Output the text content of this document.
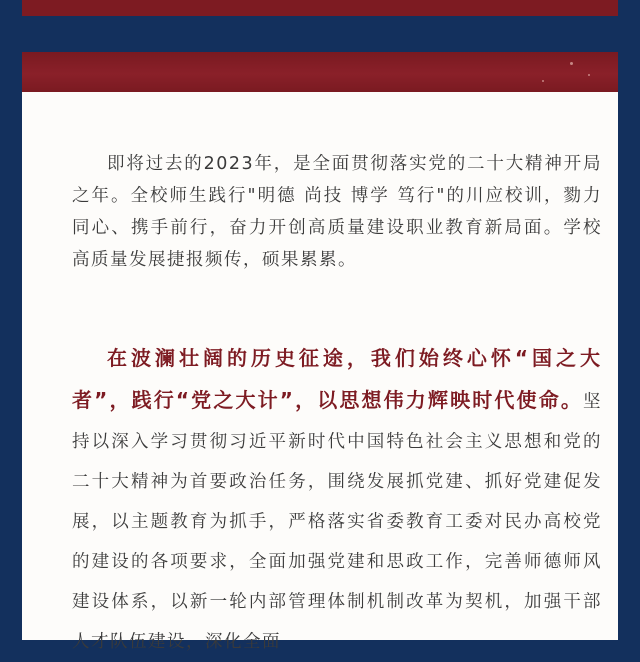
即将过去的2023年，是全面贯彻落实党的二十大精神开局之年。全校师生践行"明德 尚技 博学 笃行"的川应校训，勠力同心、携手前行，奋力开创高质量建设职业教育新局面。学校高质量发展捷报频传，硕果累累。

在波澜壮阔的历史征途，我们始终心怀“国之大者”，践行“党之大计”，以思想伟力辉映时代使命。坚持以深入学习贯彻习近平新时代中国特色社会主义思想和党的二十大精神为首要政治任务，围绕发展抓党建、抓好党建促发展，以主题教育为抓手，严格落实省委教育工委对民办高校党的建设的各项要求，全面加强党建和思政工作，完善师德师风建设体系，以新一轮内部管理体制机制改革为契机，加强干部人才队伍建设，深化全面
